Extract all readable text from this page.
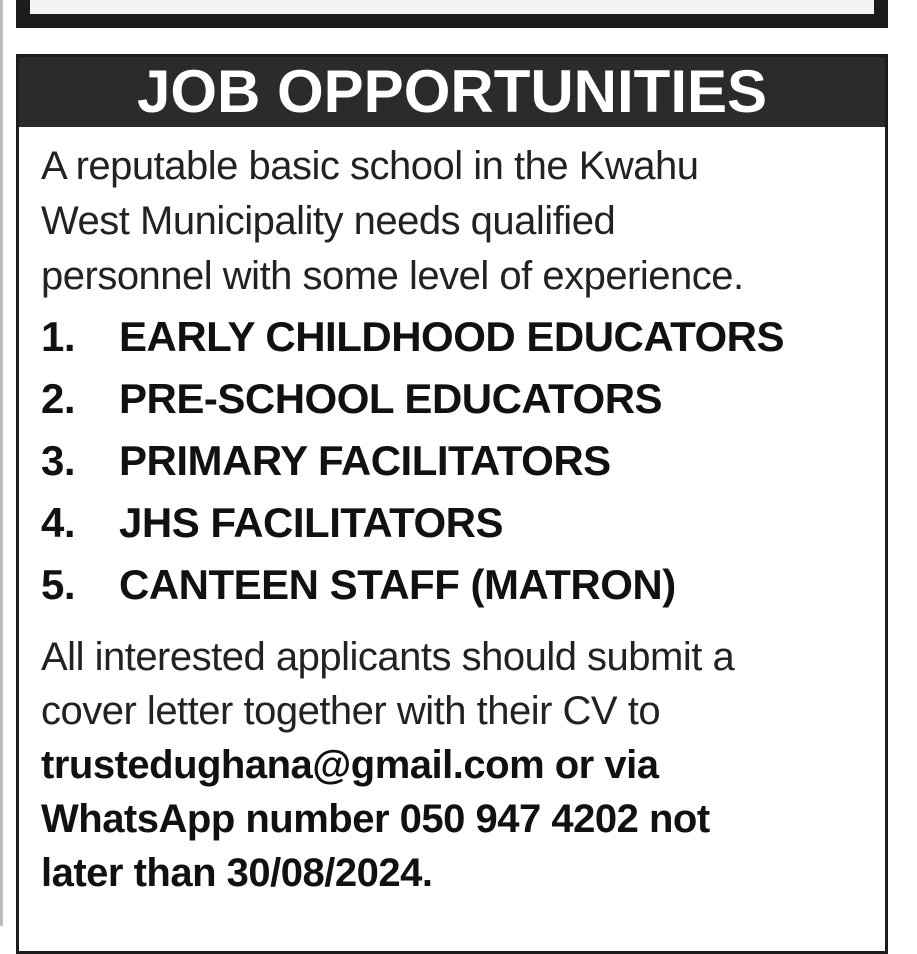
JOB OPPORTUNITIES

A reputable basic school in the Kwahu
West Municipality needs qualified
personnel with some level of experience.

1.	EARLY CHILDHOOD EDUCATORS
2.	PRE-SCHOOL EDUCATORS
3.	PRIMARY FACILITATORS
4.	JHS FACILITATORS
5.	CANTEEN STAFF (MATRON)

All interested applicants should submit a
cover letter together with their CV to
trustedughana@gmail.com or via
WhatsApp number 050 947 4202 not
later than 30/08/2024.
